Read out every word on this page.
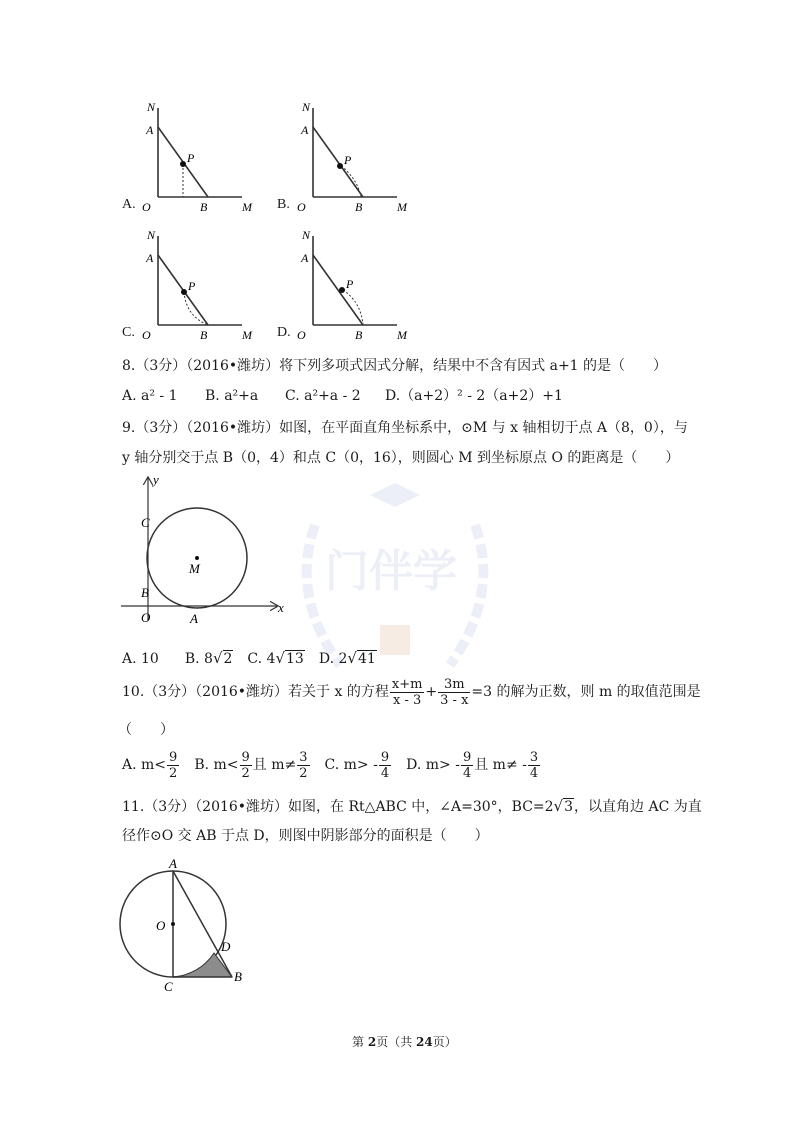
门伴学
A.
N
A
P
O	B	M B.
N
A
P
O	B	M
C.
N
A
P
O	B	M D.
N
A
P
O	B	M
8.（3分）（2016•潍坊）将下列多项式因式分解，结果中不含有因式 a+1 的是（　　）
A. a² - 1 B. a²+a C. a²+a - 2 D.（a+2）² - 2（a+2）+1
9.（3分）（2016•潍坊）如图，在平面直角坐标系中，⊙M 与 x 轴相切于点 A（8，0），与
y 轴分别交于点 B（0，4）和点 C（0，16），则圆心 M 到坐标原点 O 的距离是（　　）
y
x
C
B
O	A
M
A. 10 B. 8√2 C. 4√13 D. 2√41
10.（3分）（2016•潍坊）若关于 x 的方程 $\frac{x+m}{x - 3} + \frac{3m}{3 - x} =3$ 的解为正数，则 m 的取值范围是
（　　）
A. $m< \frac{9}{2} B$. $m< \frac{9}{2}$ 且 $m\ne \frac{3}{2} C$. $m> - \frac{9}{4} D$. $m> - \frac{9}{4}$ 且 $m\ne - \frac{3}{4}$
11.（3分）（2016•潍坊）如图，在 Rt△ABC 中，∠A=30°，BC=2√3，以直角边 AC 为直
径作⊙O 交 AB 于点 D，则图中阴影部分的面积是（　　）
A
O
D
C
B
第 2页（共 24页）
